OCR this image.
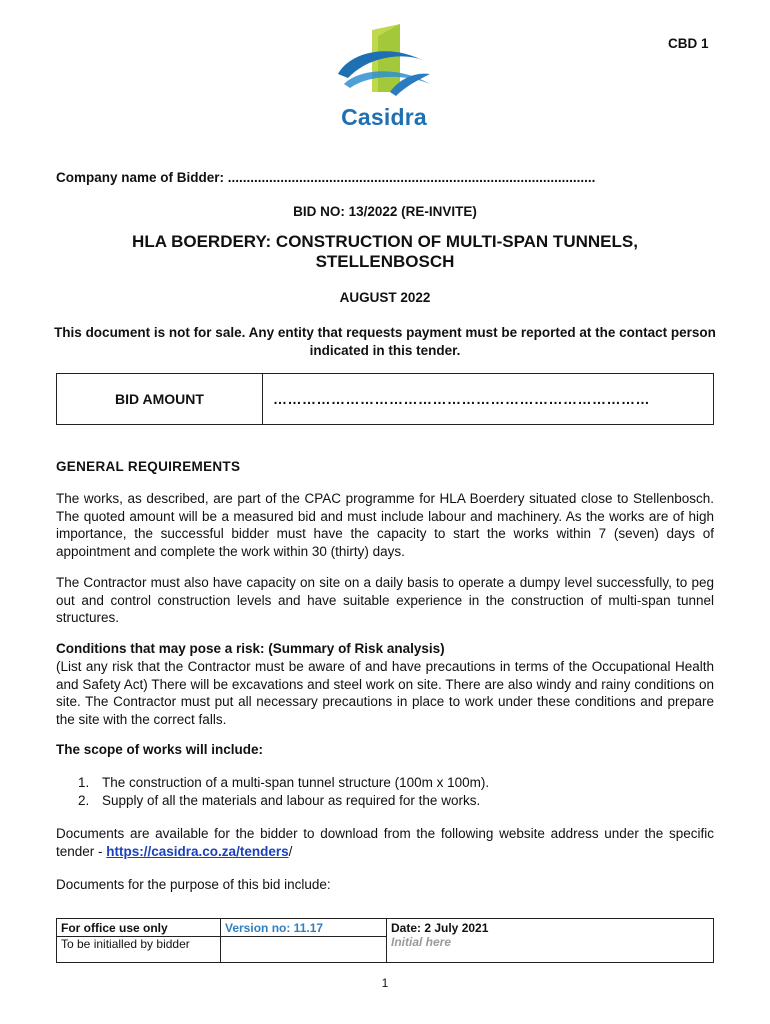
CBD 1
Casidra
Company name of Bidder: ..................................................................................................
BID NO: 13/2022 (RE-INVITE)
HLA BOERDERY: CONSTRUCTION OF MULTI-SPAN TUNNELS,
STELLENBOSCH
AUGUST 2022
This document is not for sale. Any entity that requests payment must be reported at the contact person indicated in this tender.
BID AMOUNT	……………………………………………………………………
GENERAL REQUIREMENTS
The works, as described, are part of the CPAC programme for HLA Boerdery situated close to Stellenbosch. The quoted amount will be a measured bid and must include labour and machinery. As the works are of high importance, the successful bidder must have the capacity to start the works within 7 (seven) days of appointment and complete the work within 30 (thirty) days.
The Contractor must also have capacity on site on a daily basis to operate a dumpy level successfully, to peg out and control construction levels and have suitable experience in the construction of multi-span tunnel structures.
Conditions that may pose a risk: (Summary of Risk analysis)
(List any risk that the Contractor must be aware of and have precautions in terms of the Occupational Health and Safety Act) There will be excavations and steel work on site. There are also windy and rainy conditions on site. The Contractor must put all necessary precautions in place to work under these conditions and prepare the site with the correct falls.
The scope of works will include:
1. The construction of a multi-span tunnel structure (100m x 100m).
2. Supply of all the materials and labour as required for the works.
Documents are available for the bidder to download from the following website address under the specific tender - https://casidra.co.za/tenders/
Documents for the purpose of this bid include:
For office use only
To be initialled by bidder
Version no: 11.17	Date: 2 July 2021
Initial here
1
